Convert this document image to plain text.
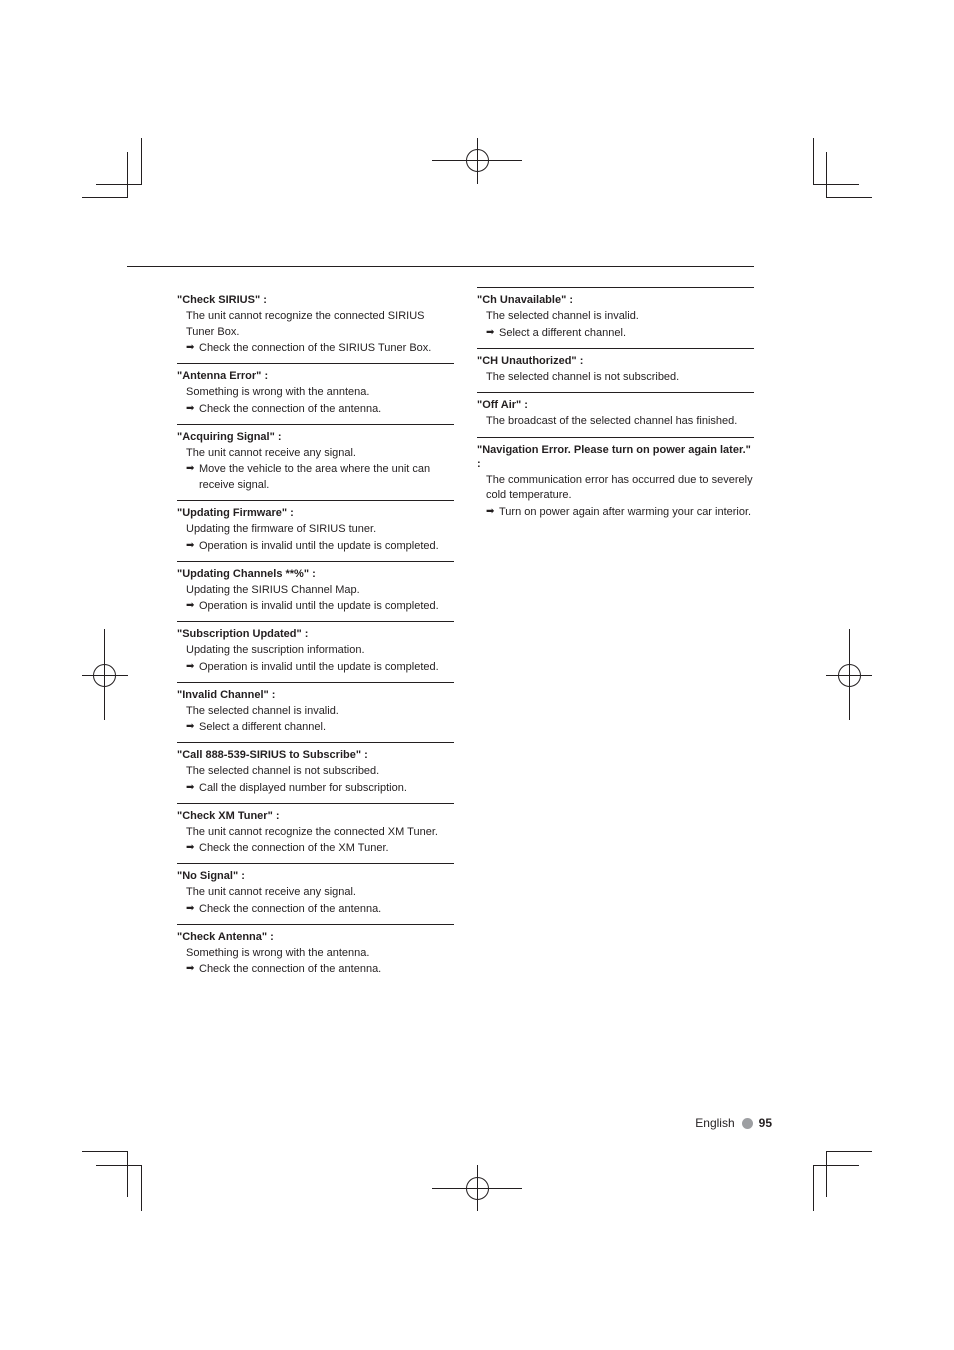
"Check SIRIUS" :
The unit cannot recognize the connected SIRIUS Tuner Box.
➡ Check the connection of the SIRIUS Tuner Box.
"Antenna Error" :
Something is wrong with the anntena.
➡ Check the connection of the antenna.
"Acquiring Signal" :
The unit cannot receive any signal.
➡ Move the vehicle to the area where the unit can receive signal.
"Updating Firmware" :
Updating the firmware of SIRIUS tuner.
➡ Operation is invalid until the update is completed.
"Updating Channels **%" :
Updating the SIRIUS Channel Map.
➡ Operation is invalid until the update is completed.
"Subscription Updated" :
Updating the suscription information.
➡ Operation is invalid until the update is completed.
"Invalid Channel" :
The selected channel is invalid.
➡ Select a different channel.
"Call 888-539-SIRIUS to Subscribe" :
The selected channel is not subscribed.
➡ Call the displayed number for subscription.
"Check XM Tuner" :
The unit cannot recognize the connected XM Tuner.
➡ Check the connection of the XM Tuner.
"No Signal" :
The unit cannot receive any signal.
➡ Check the connection of the antenna.
"Check Antenna" :
Something is wrong with the antenna.
➡ Check the connection of the antenna.
"Ch Unavailable" :
The selected channel is invalid.
➡ Select a different channel.
"CH Unauthorized" :
The selected channel is not subscribed.
"Off Air" :
The broadcast of the selected channel has finished.
"Navigation Error. Please turn on power again later." :
The communication error has occurred due to severely cold temperature.
➡ Turn on power again after warming your car interior.
English 95
